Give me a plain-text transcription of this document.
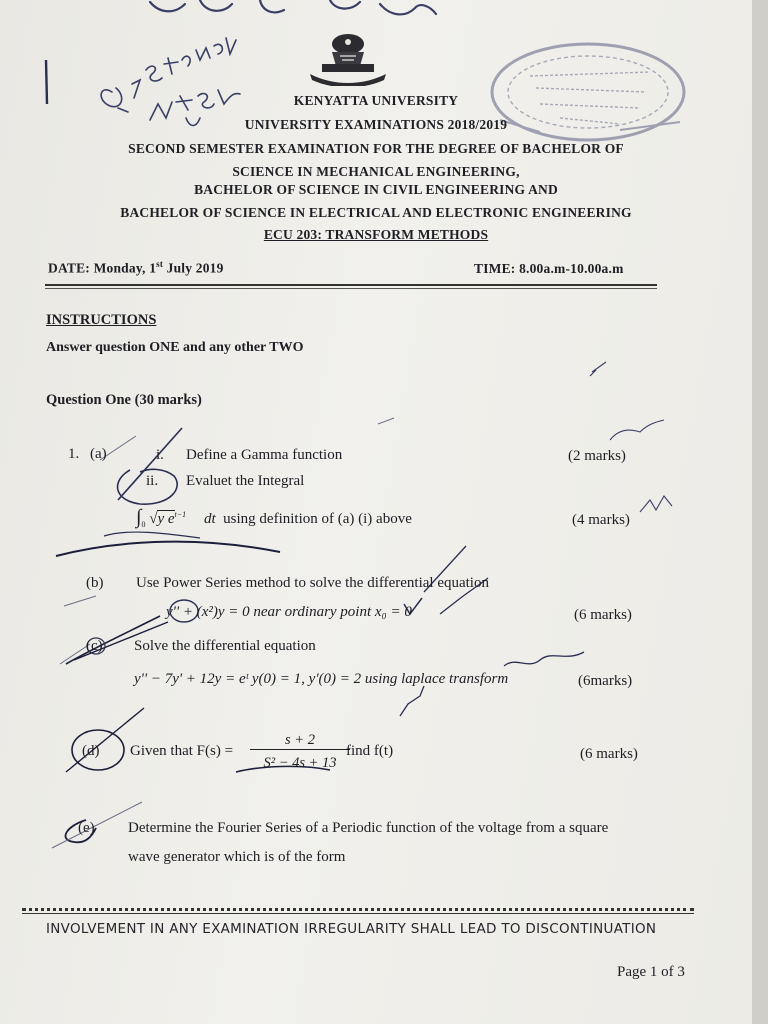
KENYATTA UNIVERSITY
UNIVERSITY EXAMINATIONS 2018/2019
SECOND SEMESTER EXAMINATION FOR THE DEGREE OF BACHELOR OF
SCIENCE IN MECHANICAL ENGINEERING,
BACHELOR OF SCIENCE IN CIVIL ENGINEERING AND
BACHELOR OF SCIENCE IN ELECTRICAL AND ELECTRONIC ENGINEERING
ECU 203: TRANSFORM METHODS
DATE: Monday, 1st July 2019	TIME: 8.00a.m-10.00a.m
INSTRUCTIONS
Answer question ONE and any other TWO
Question One (30 marks)
1. (a)	i. Define a Gamma function	(2 marks)
ii. Evaluet the Integral
$\int_0$ √y $e^{t-1}$ dt  using definition of (a) (i) above	(4 marks)
(b) Use Power Series method to solve the differential equation
y'' + (x²)y = 0 near ordinary point x₀ = 0	(6 marks)
(c) Solve the differential equation
y'' − 7y' + 12y = eᵗ y(0) = 1, y'(0) = 2 using laplace transform	(6marks)
(d) Given that F(s) =
s + 2
S² − 4s + 13
find f(t)	(6 marks)
(e) Determine the Fourier Series of a Periodic function of the voltage from a square
wave generator which is of the form
INVOLVEMENT IN ANY EXAMINATION IRREGULARITY SHALL LEAD TO DISCONTINUATION
Page 1 of 3
